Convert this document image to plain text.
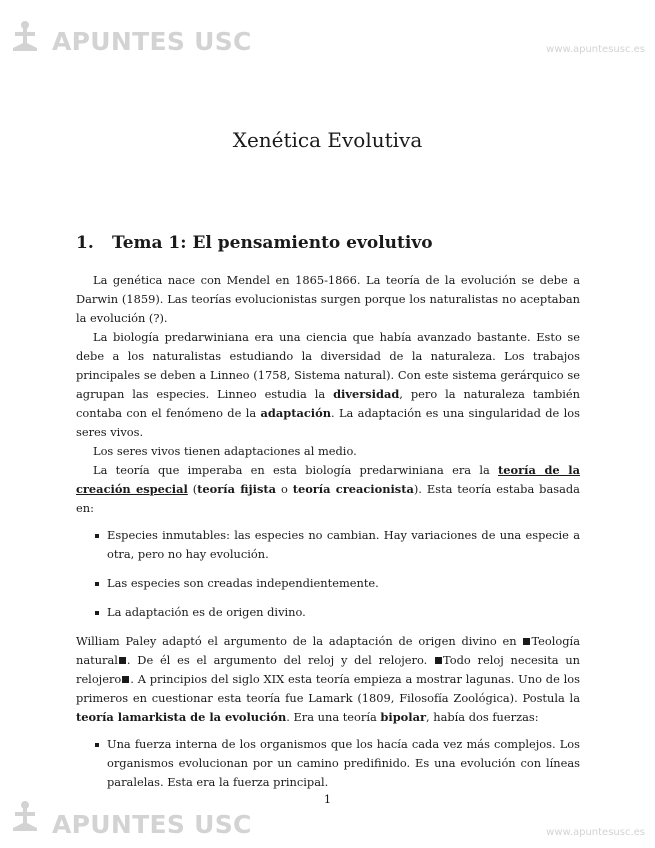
APUNTES USC	www.apuntesusc.es
Xenética Evolutiva
1. Tema 1: El pensamiento evolutivo

La genética nace con Mendel en 1865-1866. La teoría de la evolución se debe a Darwin (1859). Las teorías evolucionistas surgen porque los naturalistas no aceptaban la evolución (?).

La biología predarwiniana era una ciencia que había avanzado bastante. Esto se debe a los naturalistas estudiando la diversidad de la naturaleza. Los trabajos principales se deben a Linneo (1758, Sistema natural). Con este sistema gerárquico se agrupan las especies. Linneo estudia la diversidad, pero la naturaleza también contaba con el fenómeno de la adaptación. La adaptación es una singularidad de los seres vivos.

Los seres vivos tienen adaptaciones al medio.

La teoría que imperaba en esta biología predarwiniana era la teoría de la creación especial (teoría fijista o teoría creacionista). Esta teoría estaba basada en:

Especies inmutables: las especies no cambian. Hay variaciones de una especie a otra, pero no hay evolución.
Las especies son creadas independientemente.
La adaptación es de origen divino.

William Paley adaptó el argumento de la adaptación de origen divino en Teología natural . De él es el argumento del reloj y del relojero. Todo reloj necesita un relojero . A principios del siglo XIX esta teoría empieza a mostrar lagunas. Uno de los primeros en cuestionar esta teoría fue Lamark (1809, Filosofía Zoológica). Postula la teoría lamarkista de la evolución. Era una teoría bipolar, había dos fuerzas:

Una fuerza interna de los organismos que los hacía cada vez más complejos. Los organismos evolucionan por un camino predifinido. Es una evolución con líneas paralelas. Esta era la fuerza principal.
1
APUNTES USC	www.apuntesusc.es
